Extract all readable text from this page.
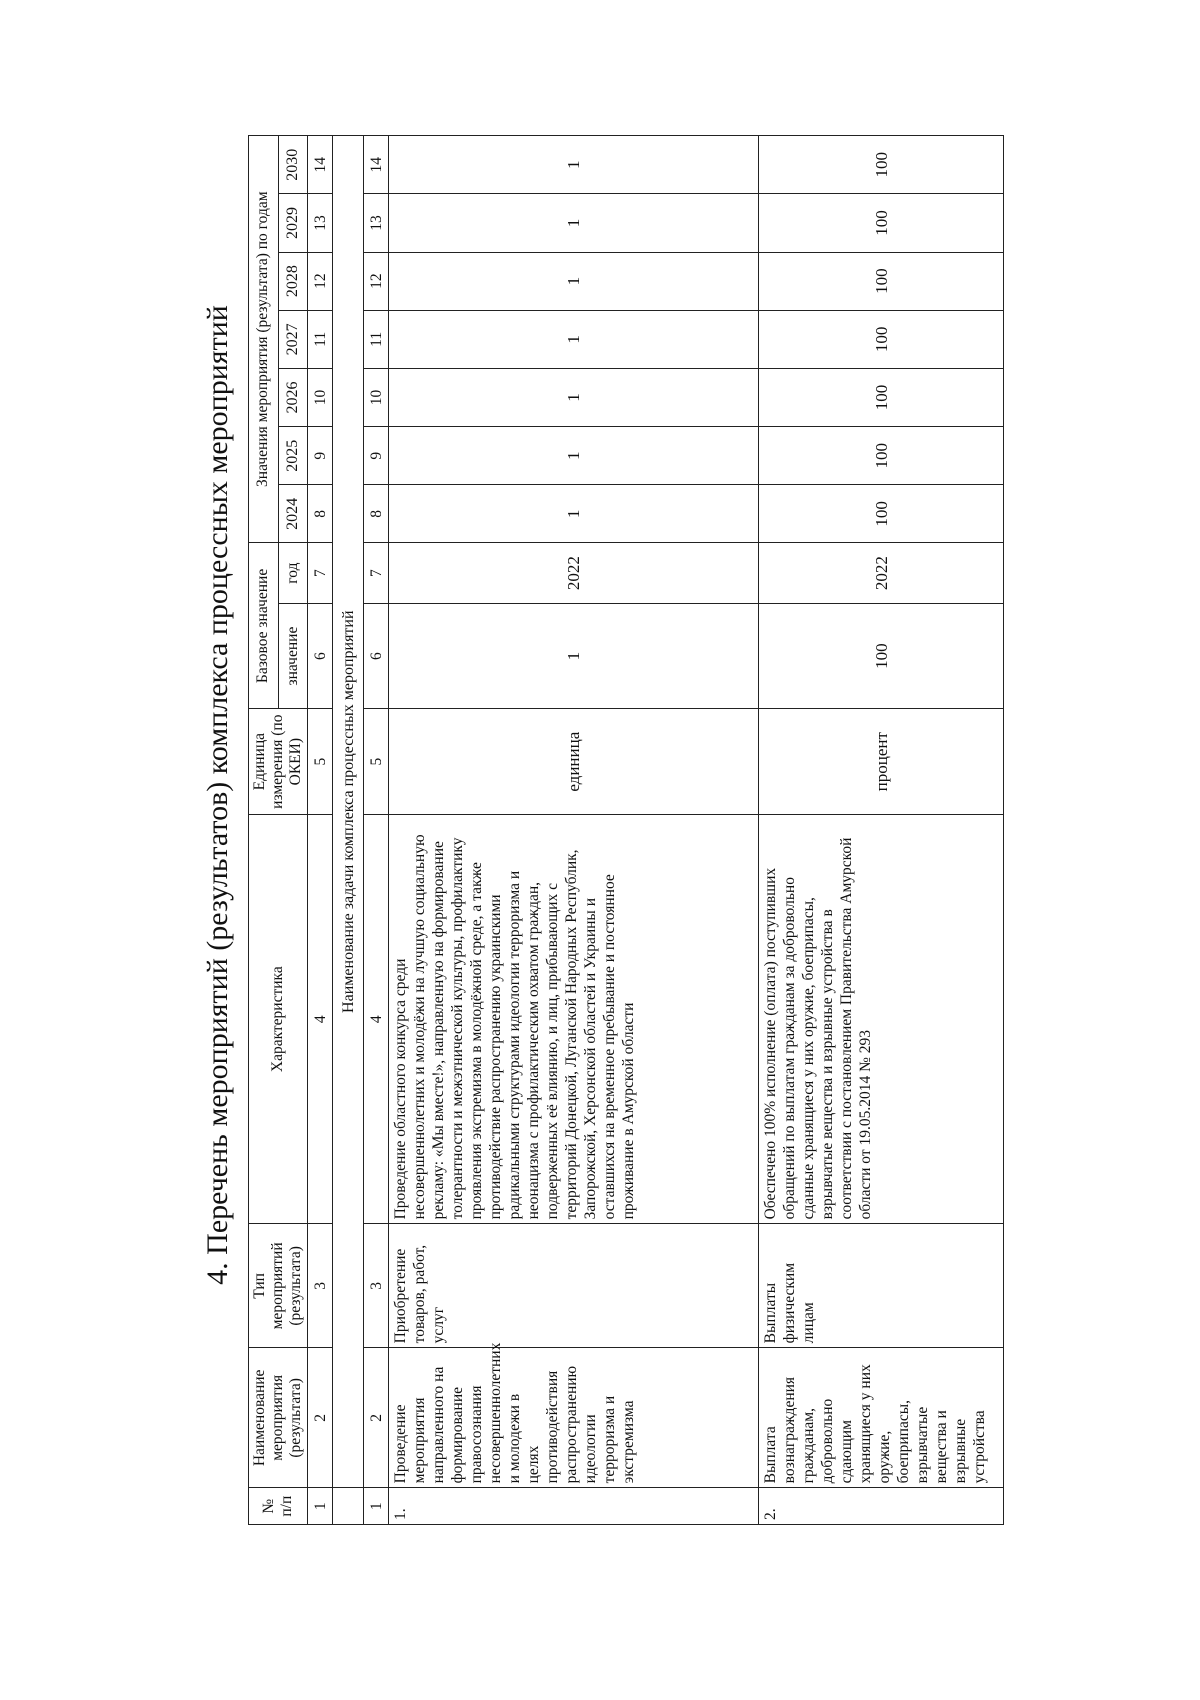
4. Перечень мероприятий (результатов) комплекса процессных мероприятий
№ п/п	Наименование мероприятия (результата)	Тип мероприятий (результата)	Характеристика	Единица измерения (по ОКЕИ)	Базовое значение		Значения мероприятия (результата) по годам						
					значение	год	2024	2025	2026	2027	2028	2029	2030
1	2	3	4	5	6	7	8	9	10	11	12	13	14
	Наименование задачи комплекса процессных мероприятий												
1	2	3	4	5	6	7	8	9	10	11	12	13	14
1.	Проведение мероприятия направленного на формирование правосознания несовершеннолетних и молодежи в целях противодействия распространению идеологии терроризма и экстремизма	Приобретение товаров, работ, услуг	Проведение областного конкурса среди несовершеннолетних и молодёжи на лучшую социальную рекламу: «Мы вместе!», направленную на формирование толерантности и межэтнической культуры, профилактику проявления экстремизма в молодёжной среде, а также противодействие распространению украинскими радикальными структурами идеологии терроризма и неонацизма с профилактическим охватом граждан, подверженных её влиянию, и лиц, прибывающих с территорий Донецкой, Луганской Народных Республик, Запорожской, Херсонской областей и Украины и оставшихся на временное пребывание и постоянное проживание в Амурской области	единица	1	2022	1	1	1	1	1	1	1
2.	Выплата вознаграждения гражданам, добровольно сдающим хранящиеся у них оружие, боеприпасы, взрывчатые вещества и взрывные устройства	Выплаты физическим лицам	Обеспечено 100% исполнение (оплата) поступивших обращений по выплатам гражданам за добровольно сданные хранящиеся у них оружие, боеприпасы, взрывчатые вещества и взрывные устройства в соответствии с постановлением Правительства Амурской области от 19.05.2014 № 293	процент	100	2022	100	100	100	100	100	100	100
